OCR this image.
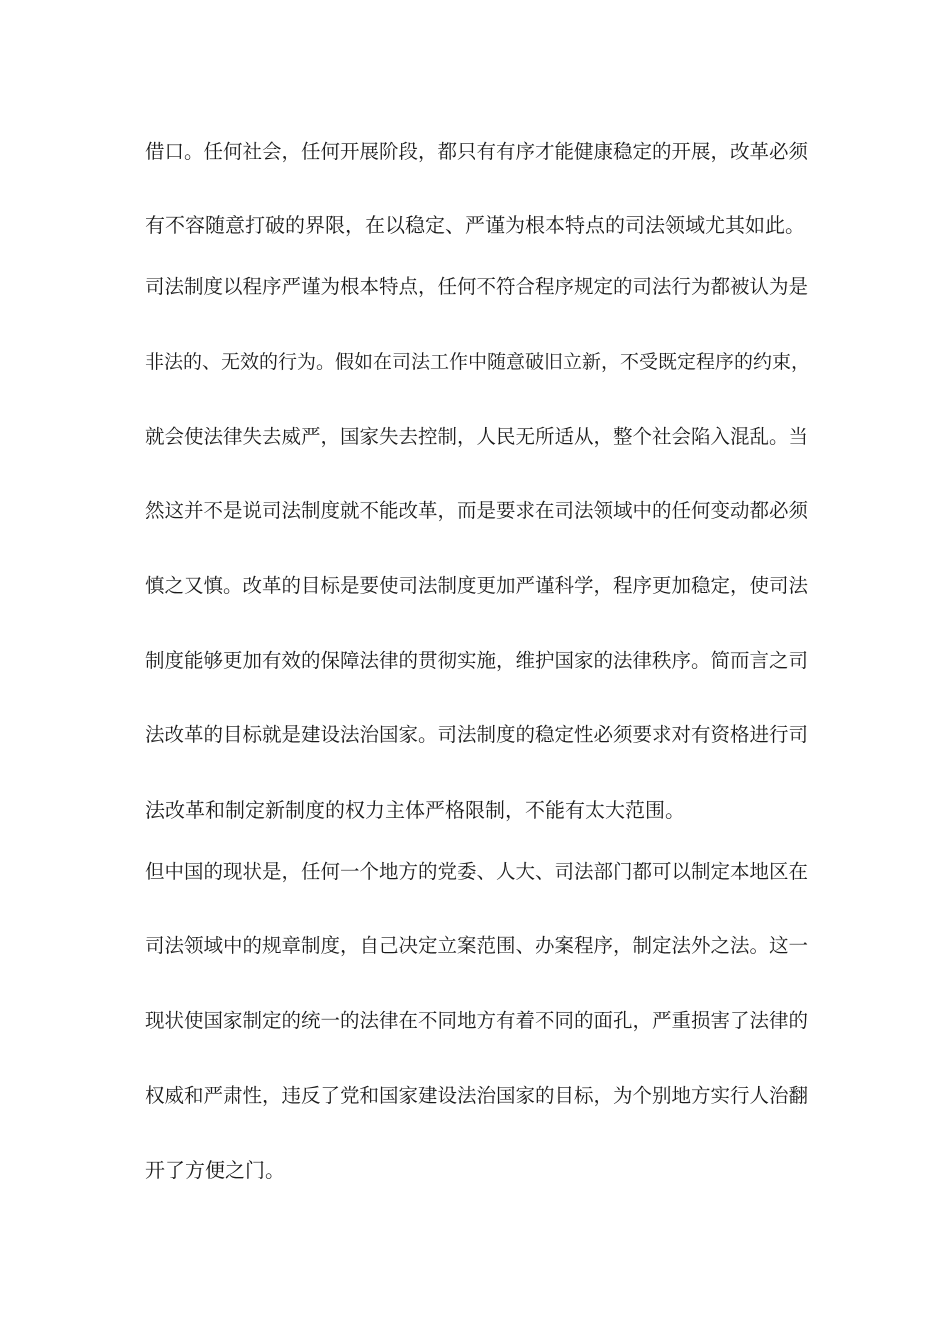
借口。任何社会，任何开展阶段，都只有有序才能健康稳定的开展，改革必须
有不容随意打破的界限，在以稳定、严谨为根本特点的司法领域尤其如此。
司法制度以程序严谨为根本特点，任何不符合程序规定的司法行为都被认为是
非法的、无效的行为。假如在司法工作中随意破旧立新，不受既定程序的约束，
就会使法律失去威严，国家失去控制，人民无所适从，整个社会陷入混乱。当
然这并不是说司法制度就不能改革，而是要求在司法领域中的任何变动都必须
慎之又慎。改革的目标是要使司法制度更加严谨科学，程序更加稳定，使司法
制度能够更加有效的保障法律的贯彻实施，维护国家的法律秩序。简而言之司
法改革的目标就是建设法治国家。司法制度的稳定性必须要求对有资格进行司
法改革和制定新制度的权力主体严格限制，不能有太大范围。
但中国的现状是，任何一个地方的党委、人大、司法部门都可以制定本地区在
司法领域中的规章制度，自己决定立案范围、办案程序，制定法外之法。这一
现状使国家制定的统一的法律在不同地方有着不同的面孔，严重损害了法律的
权威和严肃性，违反了党和国家建设法治国家的目标，为个别地方实行人治翻
开了方便之门。
